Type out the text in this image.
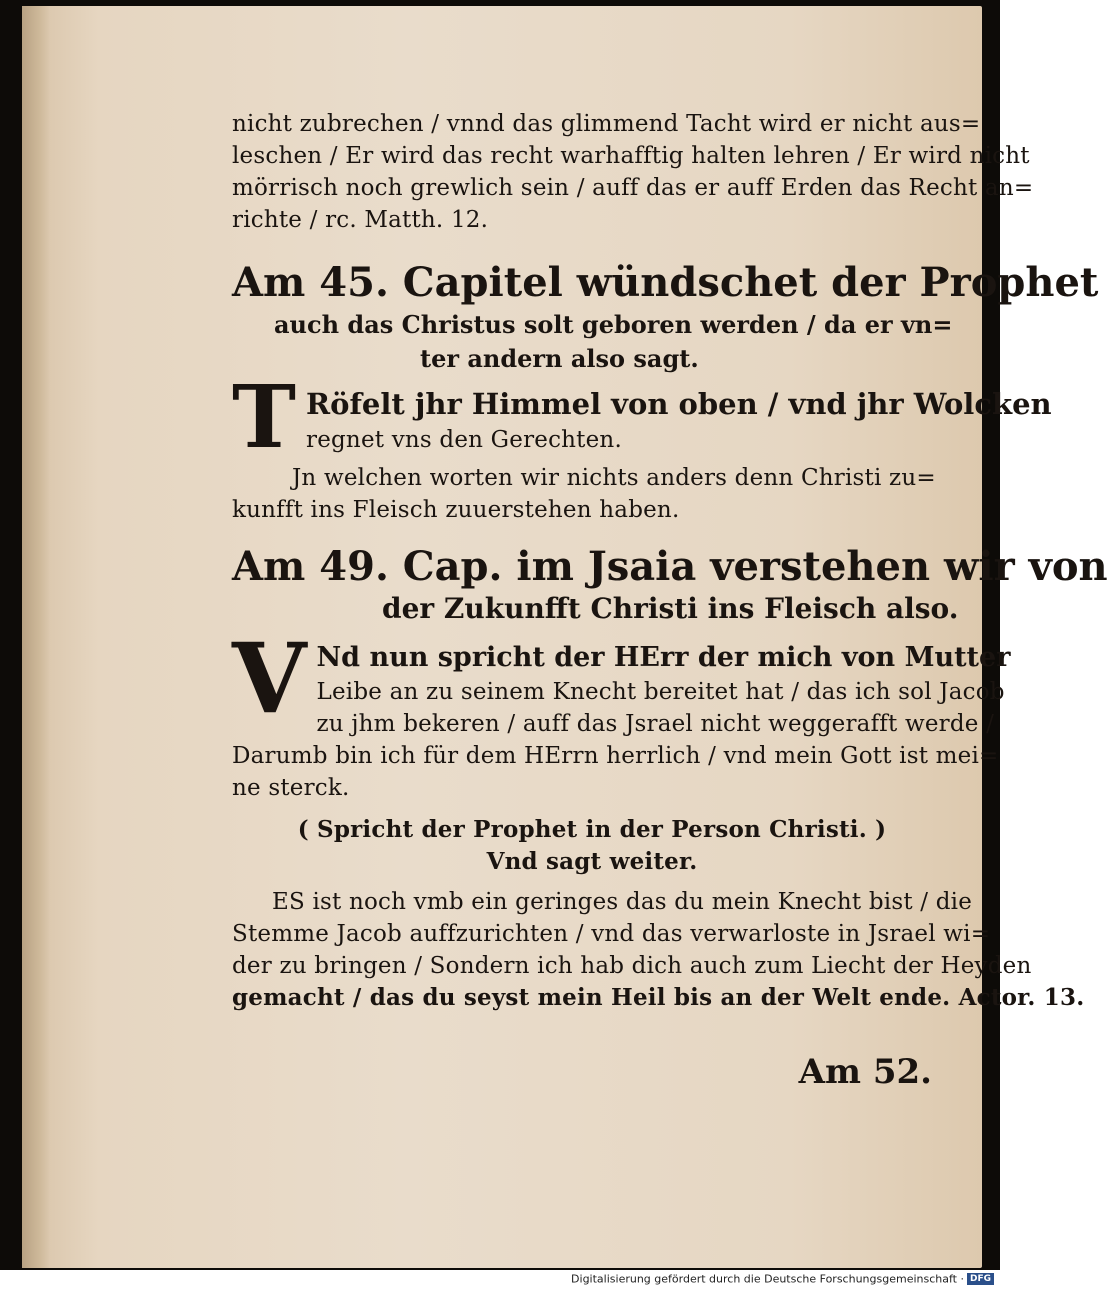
nicht zubrechen / vnnd das glimmend Tacht wird er nicht aus=
leschen / Er wird das recht warhafftig halten lehren / Er wird nicht
mörrisch noch grewlich sein / auff das er auff Erden das Recht an=
richte / rc. Matth. 12.
Am 45. Capitel wündschet der Prophet
auch das Christus solt geboren werden / da er vn=
ter andern also sagt.
T Röfelt jhr Himmel von oben / vnd jhr Wolcken
regnet vns den Gerechten.
Jn welchen worten wir nichts anders denn Christi zu=
kunfft ins Fleisch zuuerstehen haben.
Am 49. Cap. im Jsaia verstehen wir von
der Zukunfft Christi ins Fleisch also.
V Nd nun spricht der HErr der mich von Mutter
Leibe an zu seinem Knecht bereitet hat / das ich sol Jacob
zu jhm bekeren / auff das Jsrael nicht weggerafft werde /
Darumb bin ich für dem HErrn herrlich / vnd mein Gott ist mei=
ne sterck.
( Spricht der Prophet in der Person Christi. )
Vnd sagt weiter.
ES ist noch vmb ein geringes das du mein Knecht bist / die
Stemme Jacob auffzurichten / vnd das verwarloste in Jsrael wi=
der zu bringen / Sondern ich hab dich auch zum Liecht der Heyden
gemacht / das du seyst mein Heil bis an der Welt ende. Actor. 13.
Am 52.
Digitalisierung gefördert durch die Deutsche Forschungsgemeinschaft · DFG
